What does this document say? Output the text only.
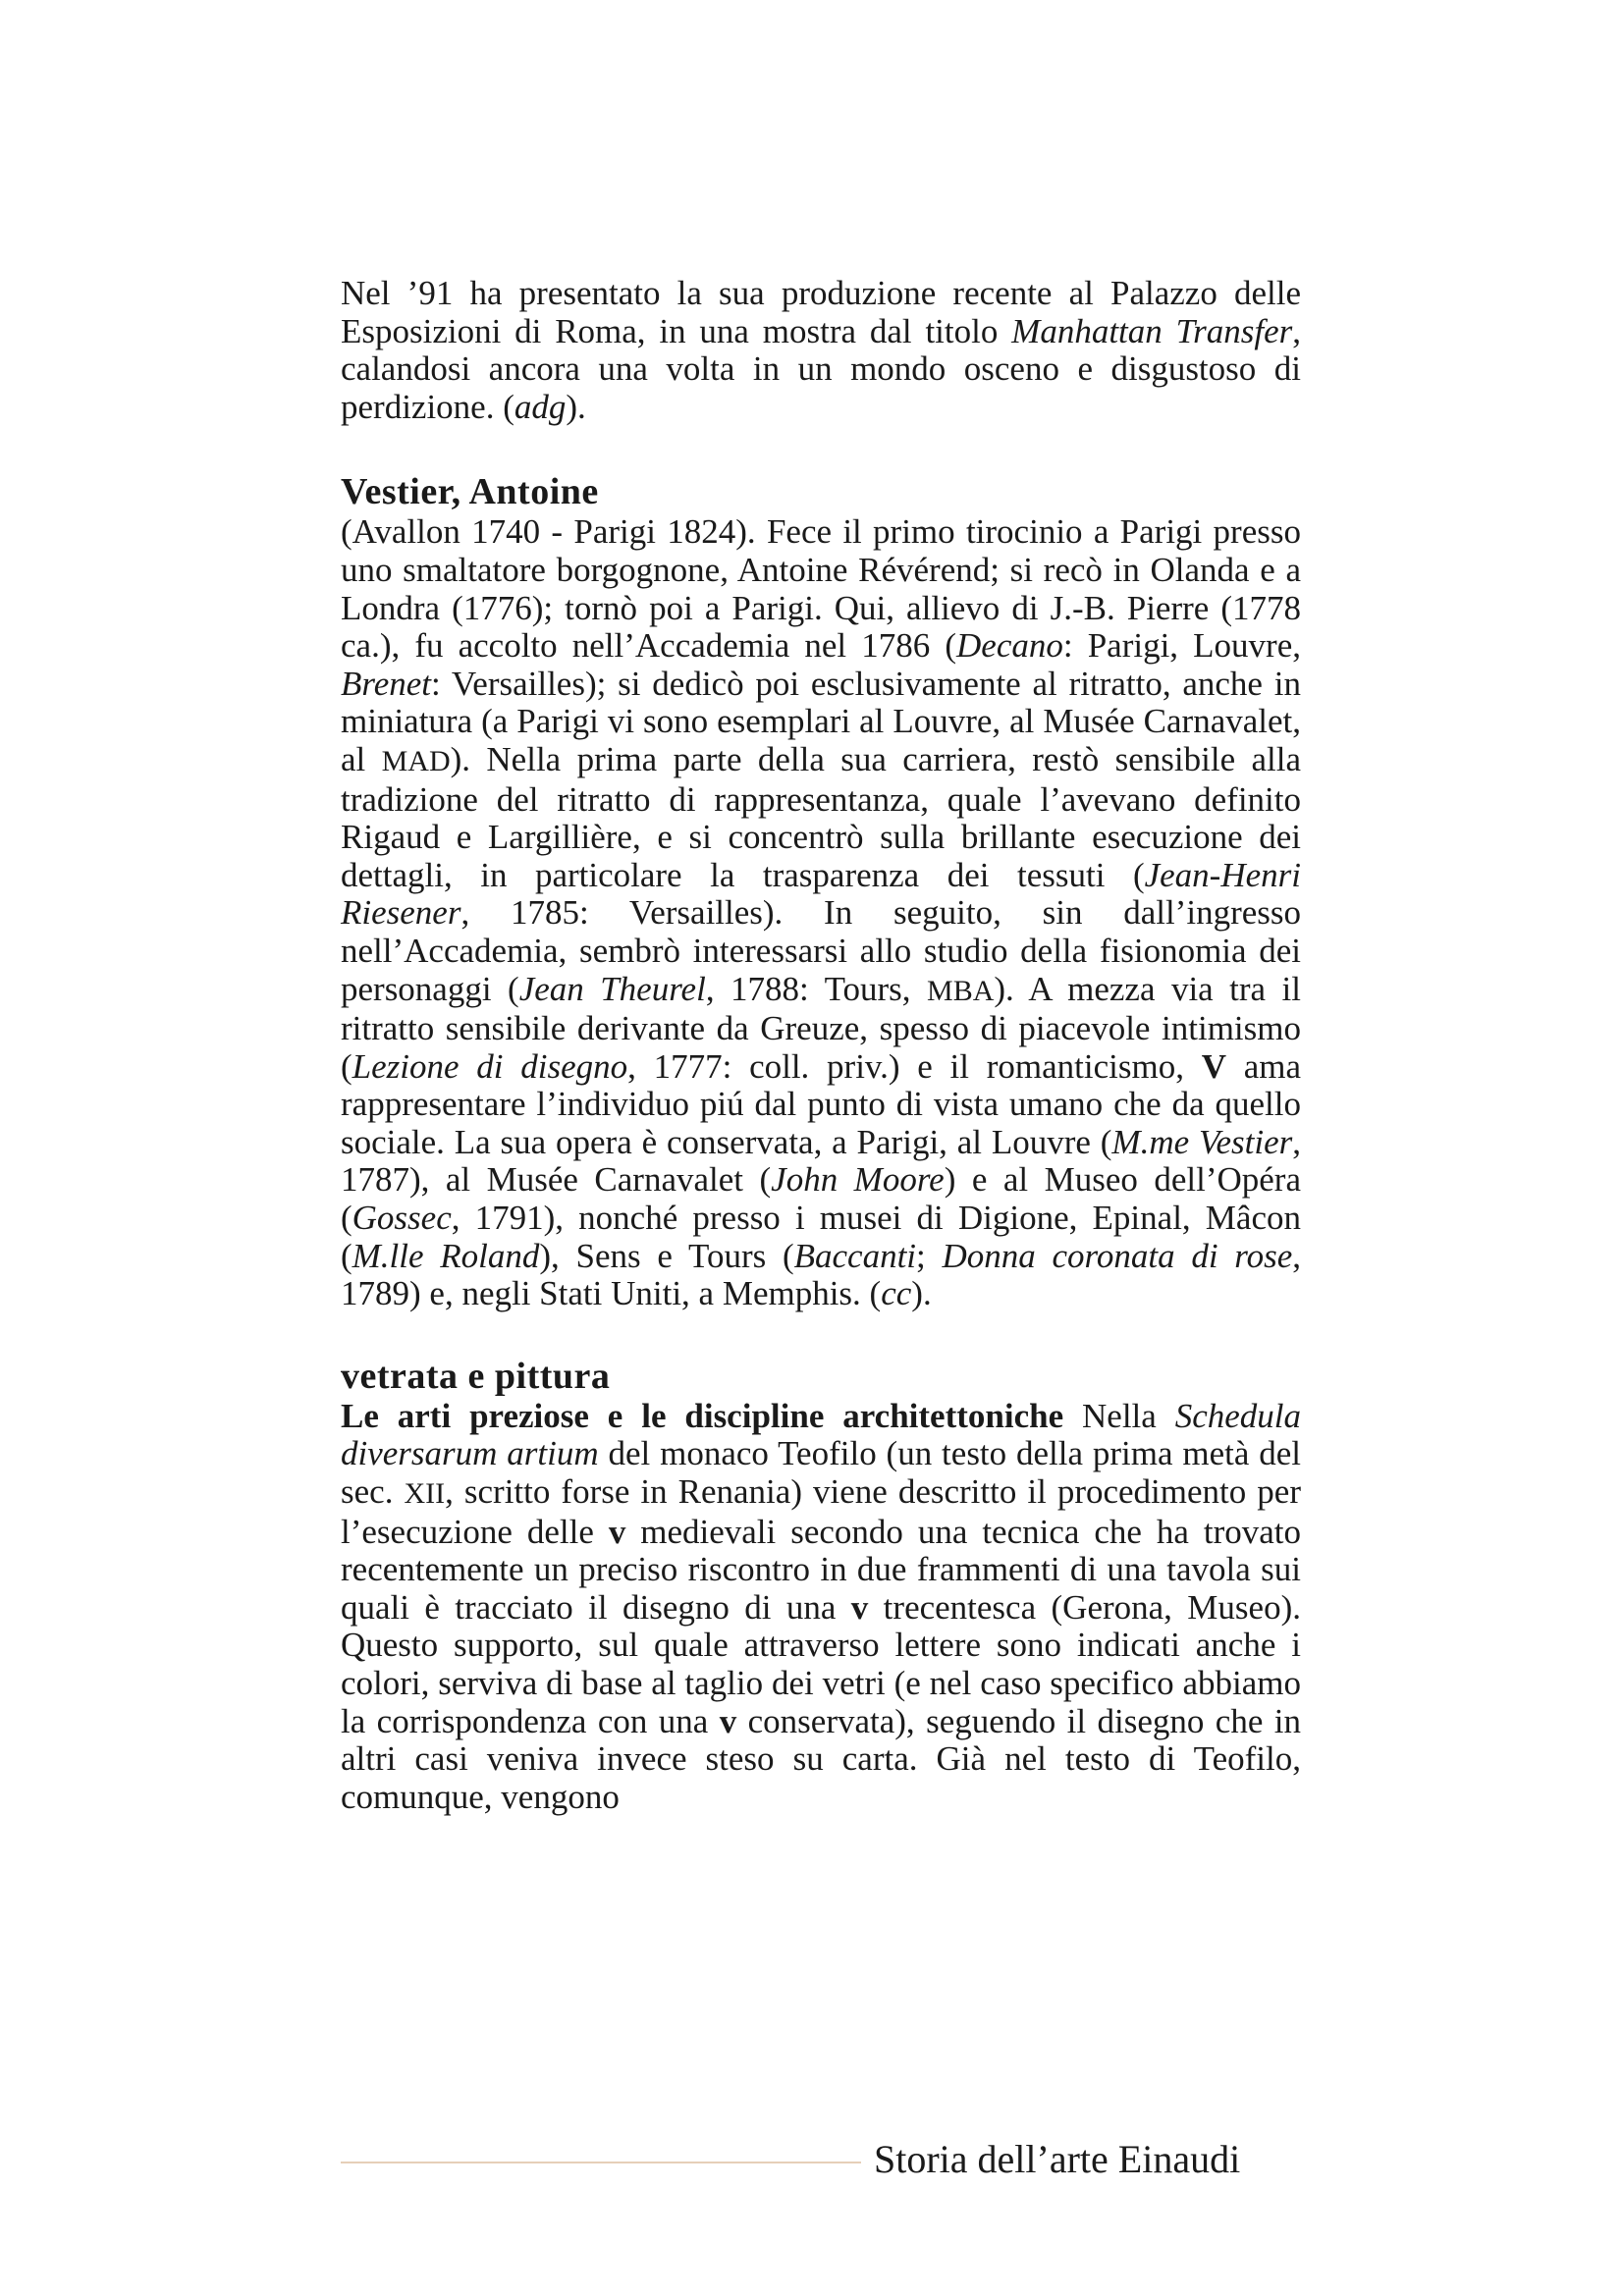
Nel ’91 ha presentato la sua produzione recente al Palazzo delle Esposizioni di Roma, in una mostra dal titolo Manhattan Transfer, calandosi ancora una volta in un mondo osceno e disgustoso di perdizione. (adg).

Vestier, Antoine

(Avallon 1740 - Parigi 1824). Fece il primo tirocinio a Parigi presso uno smaltatore borgognone, Antoine Révérend; si recò in Olanda e a Londra (1776); tornò poi a Parigi. Qui, allievo di J.-B. Pierre (1778 ca.), fu accolto nell’Accademia nel 1786 (Decano: Parigi, Louvre, Brenet: Versailles); si dedicò poi esclusivamente al ritratto, anche in miniatura (a Parigi vi sono esemplari al Louvre, al Musée Carnavalet, al MAD). Nella prima parte della sua carriera, restò sensibile alla tradizione del ritratto di rappresentanza, quale l’avevano definito Rigaud e Largillière, e si concentrò sulla brillante esecuzione dei dettagli, in particolare la trasparenza dei tessuti (Jean-Henri Riesener, 1785: Versailles). In seguito, sin dall’ingresso nell’Accademia, sembrò interessarsi allo studio della fisionomia dei personaggi (Jean Theurel, 1788: Tours, MBA). A mezza via tra il ritratto sensibile derivante da Greuze, spesso di piacevole intimismo (Lezione di disegno, 1777: coll. priv.) e il romanticismo, V ama rappresentare l’individuo piú dal punto di vista umano che da quello sociale. La sua opera è conservata, a Parigi, al Louvre (M.me Vestier, 1787), al Musée Carnavalet (John Moore) e al Museo dell’Opéra (Gossec, 1791), nonché presso i musei di Digione, Epinal, Mâcon (M.lle Roland), Sens e Tours (Baccanti; Donna coronata di rose, 1789) e, negli Stati Uniti, a Memphis. (cc).

vetrata e pittura

Le arti preziose e le discipline architettoniche Nella Schedula diversarum artium del monaco Teofilo (un testo della prima metà del sec. XII, scritto forse in Renania) viene descritto il procedimento per l’esecuzione delle v medievali secondo una tecnica che ha trovato recentemente un preciso riscontro in due frammenti di una tavola sui quali è tracciato il disegno di una v trecentesca (Gerona, Museo). Questo supporto, sul quale attraverso lettere sono indicati anche i colori, serviva di base al taglio dei vetri (e nel caso specifico abbiamo la corrispondenza con una v conservata), seguendo il disegno che in altri casi veniva invece steso su carta. Già nel testo di Teofilo, comunque, vengono

Storia dell’arte Einaudi
